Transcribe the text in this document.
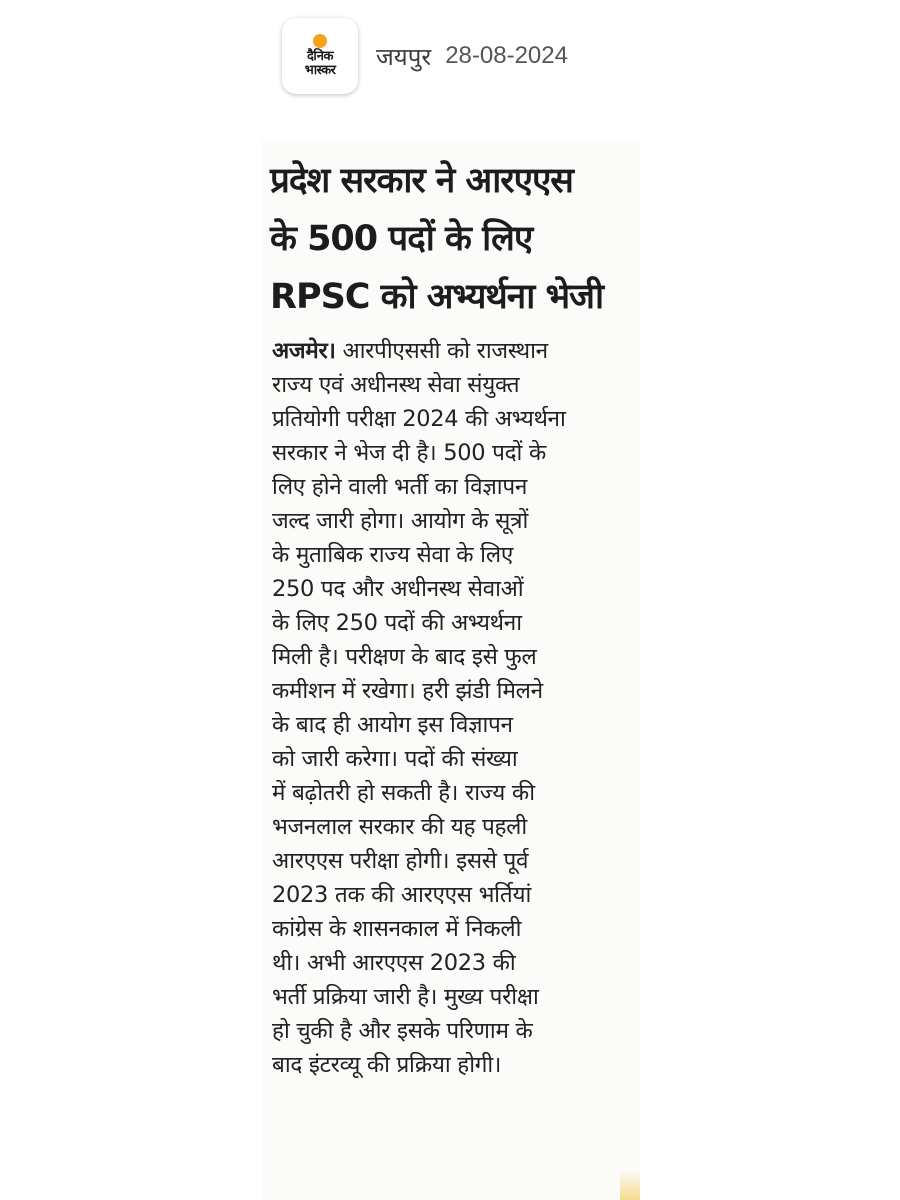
दैनिक
भास्कर जयपुर 28-08-2024
प्रदेश सरकार ने आरएएस
के 500 पदों के लिए
RPSC को अभ्यर्थना भेजी
अजमेर। आरपीएससी को राजस्थान
राज्य एवं अधीनस्थ सेवा संयुक्त
प्रतियोगी परीक्षा 2024 की अभ्यर्थना
सरकार ने भेज दी है। 500 पदों के
लिए होने वाली भर्ती का विज्ञापन
जल्द जारी होगा। आयोग के सूत्रों
के मुताबिक राज्य सेवा के लिए
250 पद और अधीनस्थ सेवाओं
के लिए 250 पदों की अभ्यर्थना
मिली है। परीक्षण के बाद इसे फुल
कमीशन में रखेगा। हरी झंडी मिलने
के बाद ही आयोग इस विज्ञापन
को जारी करेगा। पदों की संख्या
में बढ़ोतरी हो सकती है। राज्य की
भजनलाल सरकार की यह पहली
आरएएस परीक्षा होगी। इससे पूर्व
2023 तक की आरएएस भर्तियां
कांग्रेस के शासनकाल में निकली
थी। अभी आरएएस 2023 की
भर्ती प्रक्रिया जारी है। मुख्य परीक्षा
हो चुकी है और इसके परिणाम के
बाद इंटरव्यू की प्रक्रिया होगी।
